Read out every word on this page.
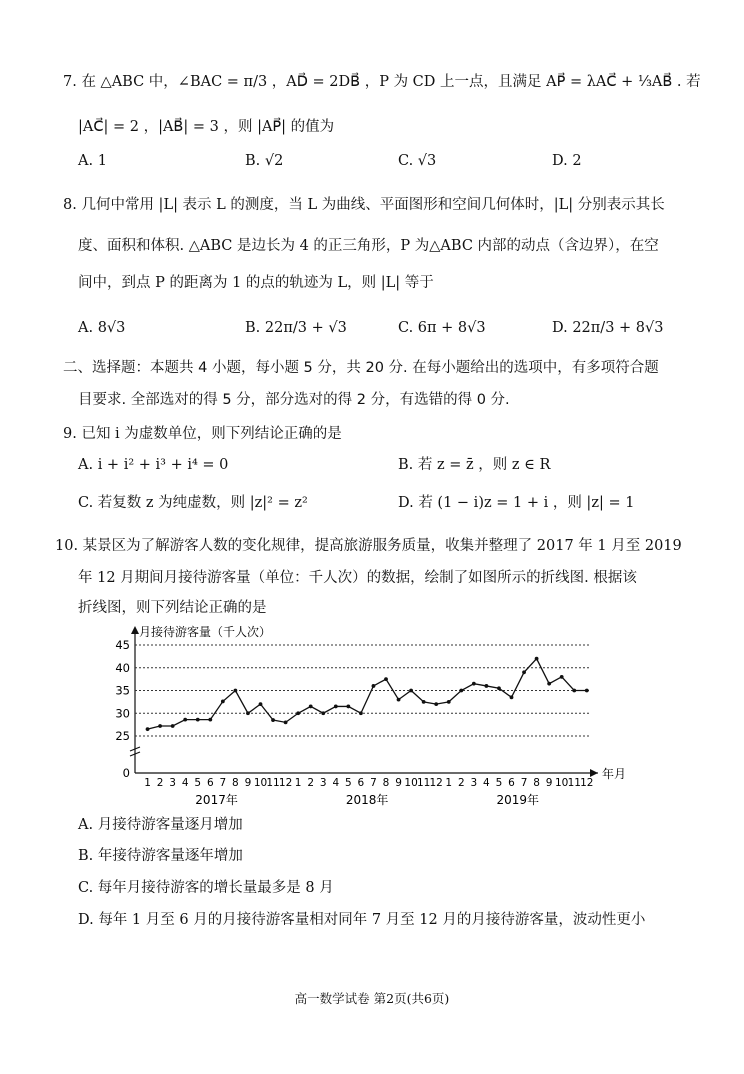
7. 在 △ABC 中，∠BAC = π/3 ，AD⃗ = 2DB⃗ ，P 为 CD 上一点，且满足 AP⃗ = λAC⃗ + ⅓AB⃗ . 若
|AC⃗| = 2 ，|AB⃗| = 3 ，则 |AP⃗| 的值为
A. 1	B. √2	C. √3	D. 2
8. 几何中常用 |L| 表示 L 的测度，当 L 为曲线、平面图形和空间几何体时，|L| 分别表示其长
度、面积和体积. △ABC 是边长为 4 的正三角形，P 为△ABC 内部的动点（含边界），在空
间中，到点 P 的距离为 1 的点的轨迹为 L，则 |L| 等于
A. 8√3	B. 22π/3 + √3	C. 6π + 8√3	D. 22π/3 + 8√3
二、选择题：本题共 4 小题，每小题 5 分，共 20 分. 在每小题给出的选项中，有多项符合题
目要求. 全部选对的得 5 分，部分选对的得 2 分，有选错的得 0 分.
9. 已知 i 为虚数单位，则下列结论正确的是
A. i + i² + i³ + i⁴ = 0	B. 若 z = z̄ ，则 z ∈ R
C. 若复数 z 为纯虚数，则 |z|² = z²	D. 若 (1 − i)z = 1 + i ，则 |z| = 1
10. 某景区为了解游客人数的变化规律，提高旅游服务质量，收集并整理了 2017 年 1 月至 2019
年 12 月期间月接待游客量（单位：千人次）的数据，绘制了如图所示的折线图. 根据该
折线图，则下列结论正确的是
月接待游客量（千人次）
年月
0
25
30
35
40
45
1 2 3 4 5 6 7 8 9 10 11 12 1 2 3 4 5 6 7 8 9 10 11 12 1 2 3 4 5 6 7 8 9 10 11 12
2017年	2018年	2019年
A. 月接待游客量逐月增加
B. 年接待游客量逐年增加
C. 每年月接待游客的增长量最多是 8 月
D. 每年 1 月至 6 月的月接待游客量相对同年 7 月至 12 月的月接待游客量，波动性更小
高一数学试卷 第2页(共6页)
